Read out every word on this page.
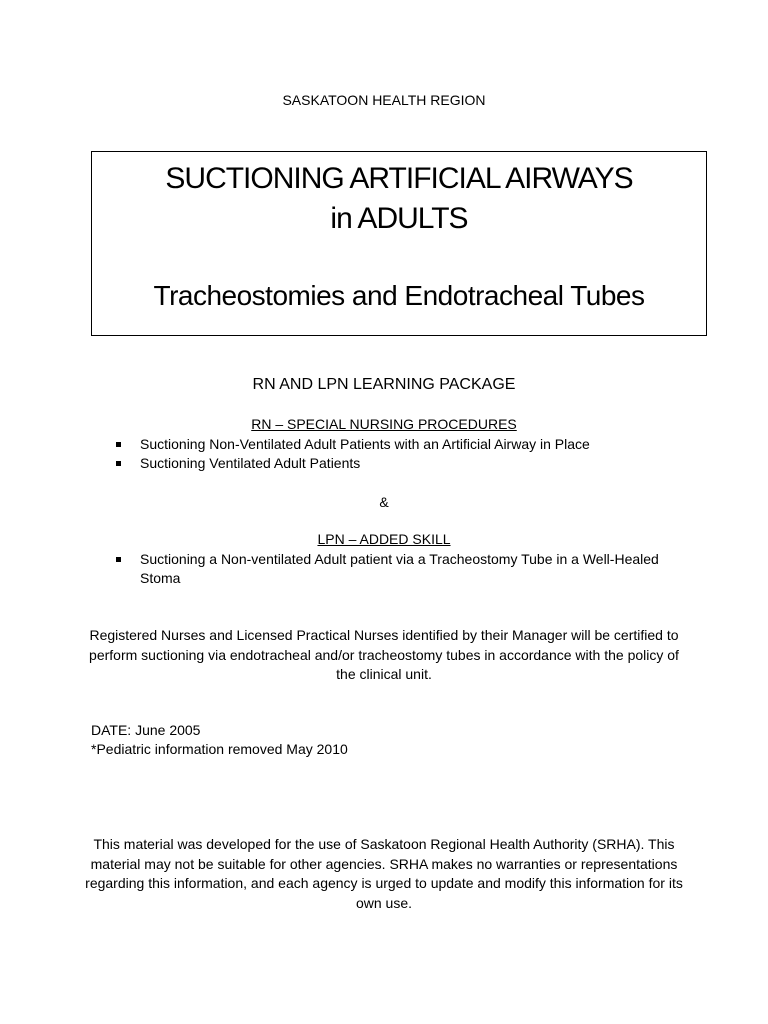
SASKATOON HEALTH REGION
SUCTIONING ARTIFICIAL AIRWAYS
in ADULTS
Tracheostomies and Endotracheal Tubes
RN AND LPN LEARNING PACKAGE
RN – SPECIAL NURSING PROCEDURES
Suctioning Non-Ventilated Adult Patients with an Artificial Airway in Place
Suctioning Ventilated Adult Patients
&
LPN – ADDED SKILL
Suctioning a Non-ventilated Adult patient via a Tracheostomy Tube in a Well-Healed Stoma
Registered Nurses and Licensed Practical Nurses identified by their Manager will be certified to perform suctioning via endotracheal and/or tracheostomy tubes in accordance with the policy of the clinical unit.
DATE: June 2005
*Pediatric information removed May 2010
This material was developed for the use of Saskatoon Regional Health Authority (SRHA). This material may not be suitable for other agencies. SRHA makes no warranties or representations regarding this information, and each agency is urged to update and modify this information for its own use.
